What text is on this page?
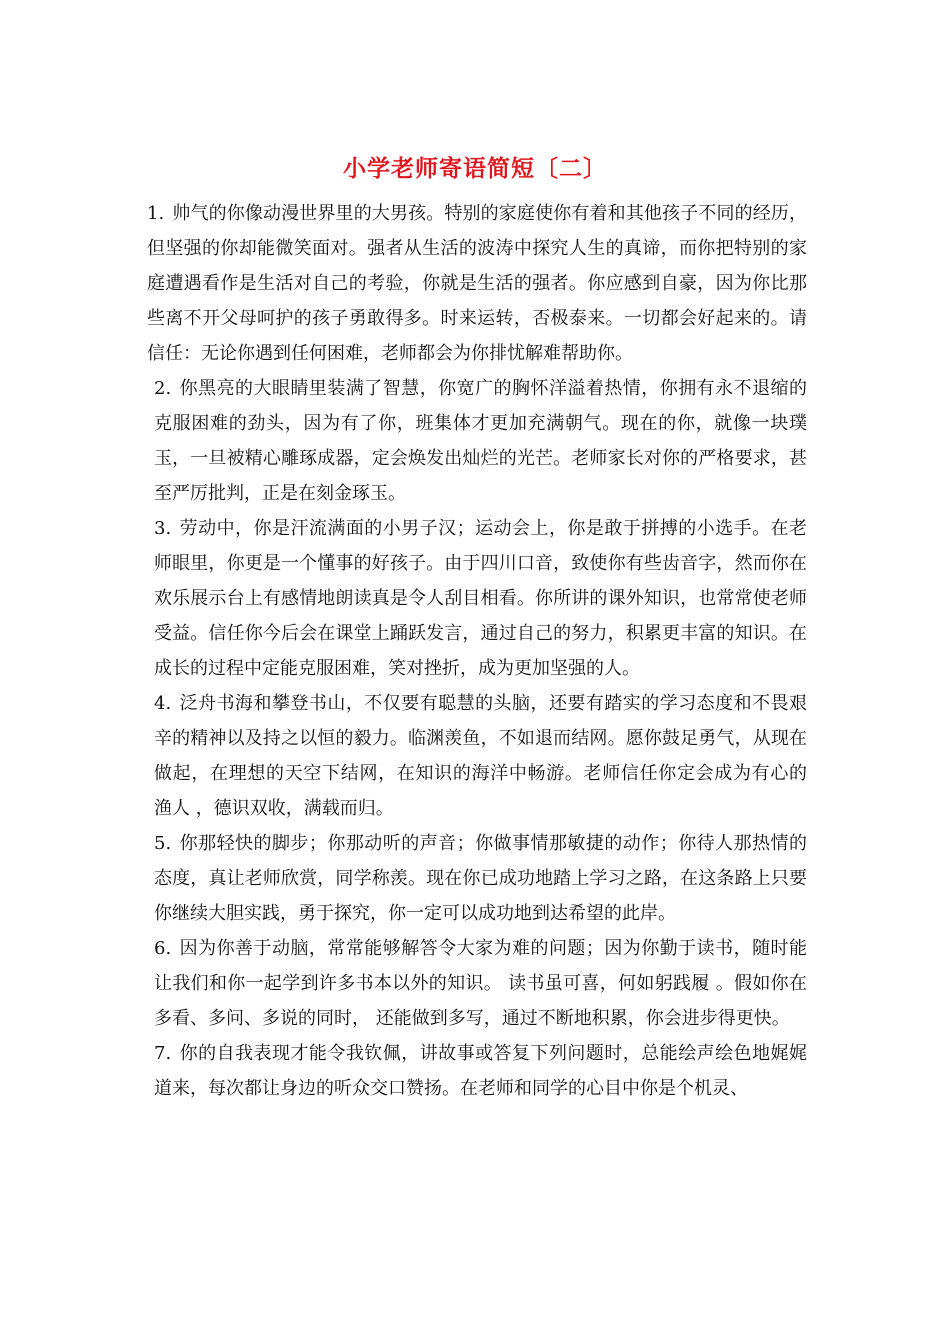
小学老师寄语简短〔二〕

1. 帅气的你像动漫世界里的大男孩。特别的家庭使你有着和其他孩子不同的经历，但坚强的你却能微笑面对。强者从生活的波涛中探究人生的真谛，而你把特别的家庭遭遇看作是生活对自己的考验，你就是生活的强者。你应感到自豪，因为你比那些离不开父母呵护的孩子勇敢得多。时来运转，否极泰来。一切都会好起来的。请信任：无论你遇到任何困难，老师都会为你排忧解难帮助你。

2. 你黑亮的大眼睛里装满了智慧，你宽广的胸怀洋溢着热情，你拥有永不退缩的克服困难的劲头，因为有了你，班集体才更加充满朝气。现在的你，就像一块璞玉，一旦被精心雕琢成器，定会焕发出灿烂的光芒。老师家长对你的严格要求，甚至严厉批判，正是在刻金琢玉。

3. 劳动中，你是汗流满面的小男子汉；运动会上，你是敢于拼搏的小选手。在老师眼里，你更是一个懂事的好孩子。由于四川口音，致使你有些齿音字，然而你在欢乐展示台上有感情地朗读真是令人刮目相看。你所讲的课外知识，也常常使老师受益。信任你今后会在课堂上踊跃发言，通过自己的努力，积累更丰富的知识。在成长的过程中定能克服困难，笑对挫折，成为更加坚强的人。

4. 泛舟书海和攀登书山，不仅要有聪慧的头脑，还要有踏实的学习态度和不畏艰辛的精神以及持之以恒的毅力。临渊羡鱼，不如退而结网。愿你鼓足勇气，从现在做起，在理想的天空下结网，在知识的海洋中畅游。老师信任你定会成为有心的 渔人 ，德识双收，满载而归。

5. 你那轻快的脚步；你那动听的声音；你做事情那敏捷的动作；你待人那热情的态度，真让老师欣赏，同学称羡。现在你已成功地踏上学习之路，在这条路上只要你继续大胆实践，勇于探究，你一定可以成功地到达希望的此岸。

6. 因为你善于动脑，常常能够解答令大家为难的问题；因为你勤于读书，随时能让我们和你一起学到许多书本以外的知识。 读书虽可喜，何如躬践履 。假如你在多看、多问、多说的同时， 还能做到多写，通过不断地积累，你会进步得更快。

7. 你的自我表现才能令我钦佩，讲故事或答复下列问题时，总能绘声绘色地娓娓道来，每次都让身边的听众交口赞扬。在老师和同学的心目中你是个机灵、
